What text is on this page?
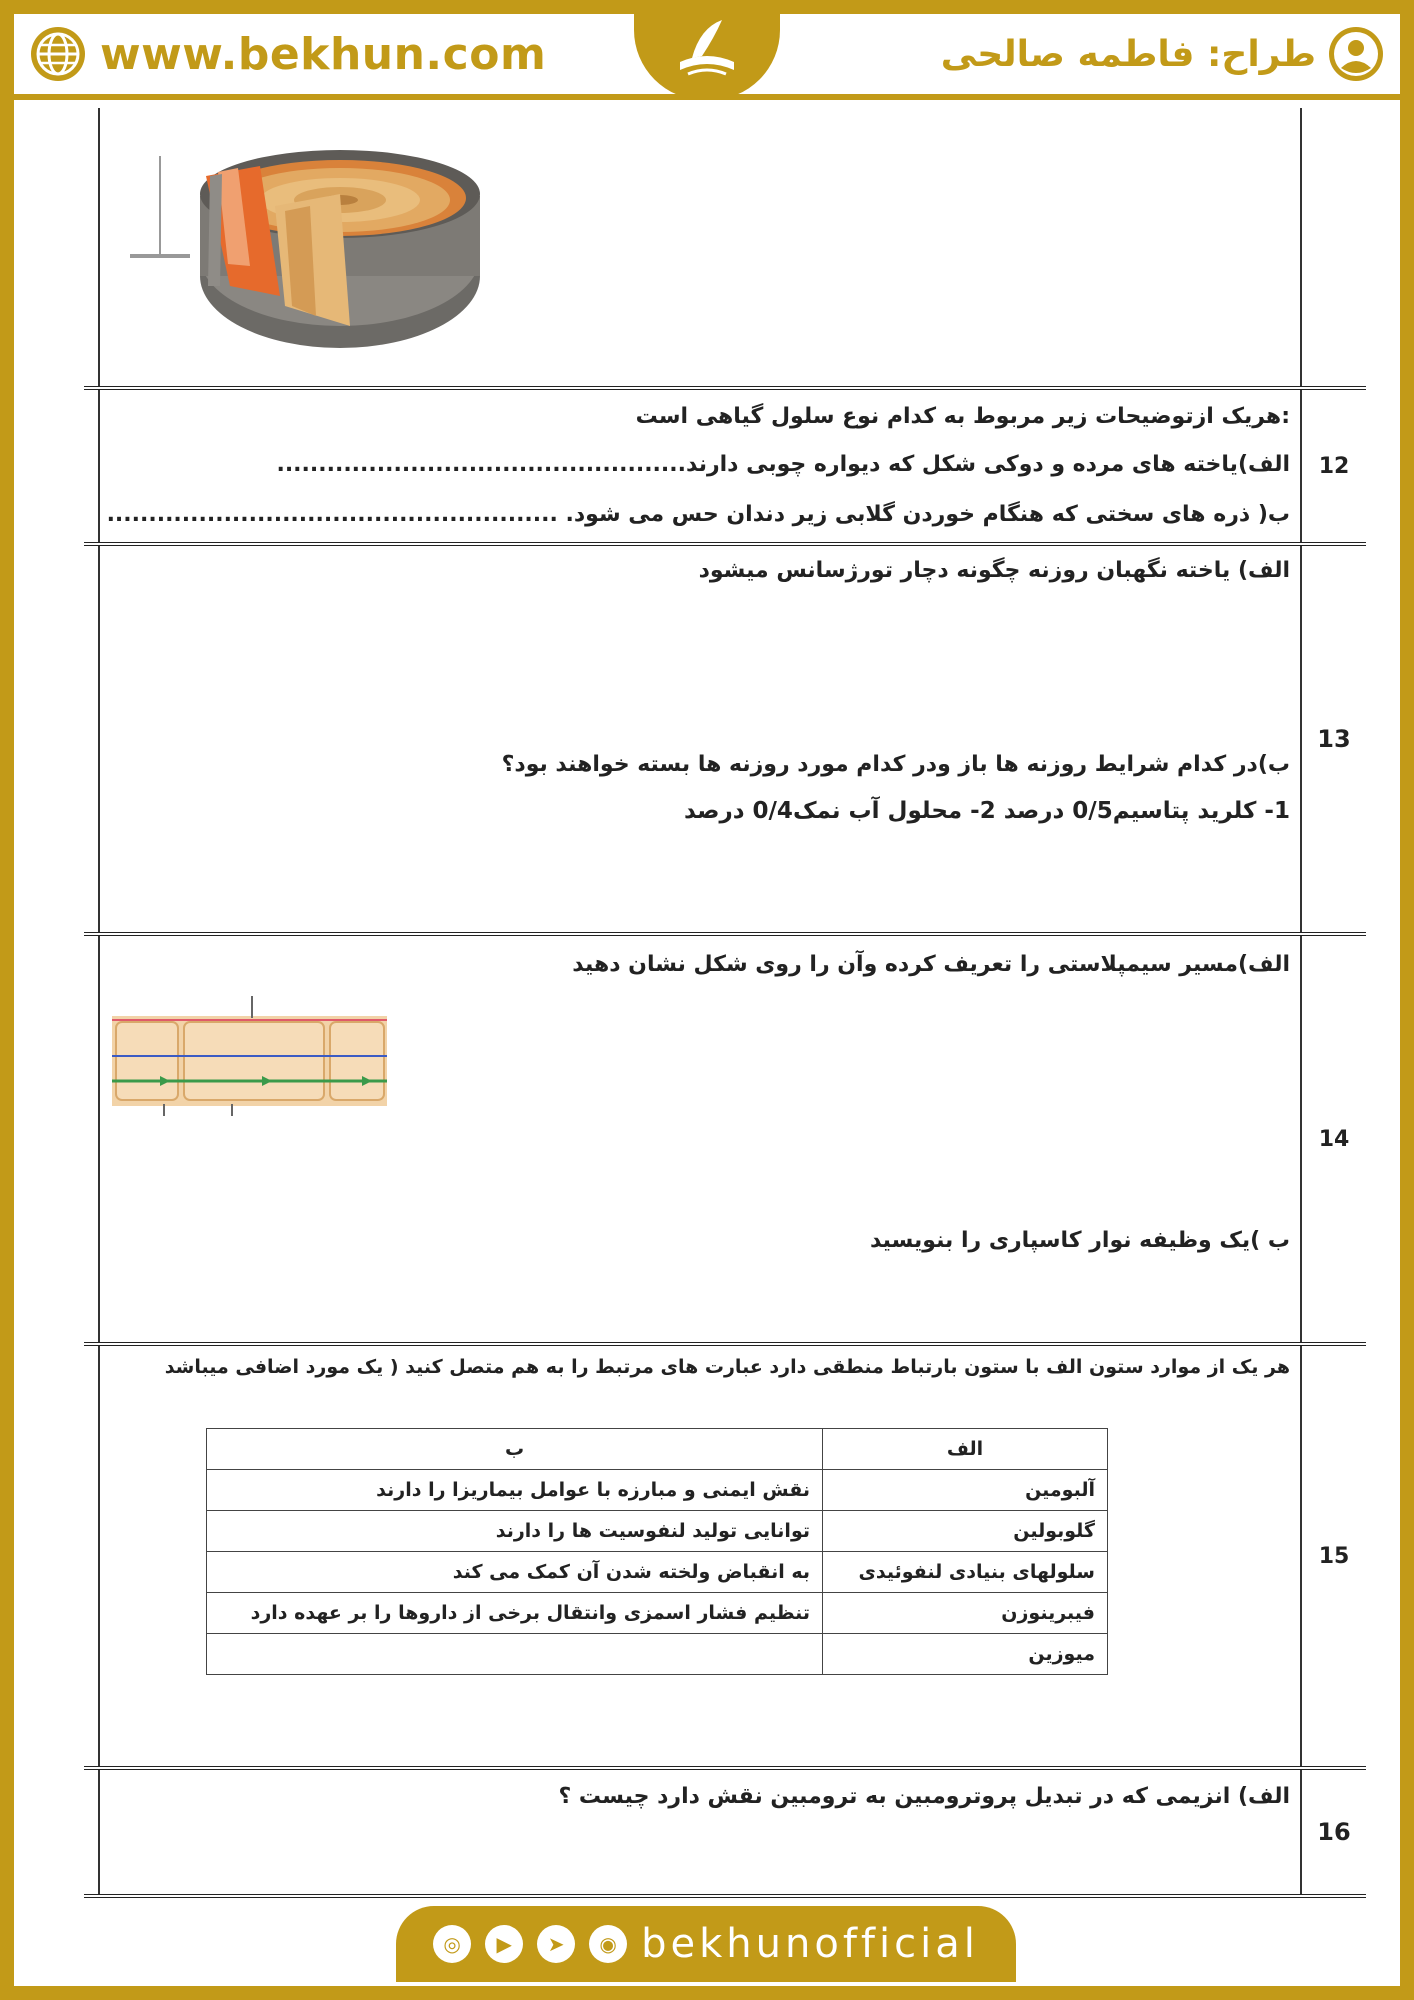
www.bekhun.com	طراح: فاطمه صالحی
:هریک ازتوضیحات زیر مربوط به کدام نوع سلول گیاهی است
الف)یاخته های مرده و دوکی شکل که دیواره چوبی دارند.................................................
ب( ذره های سختی که هنگام خوردن گلابی زیر دندان حس می شود. ......................................................
12
الف) یاخته نگهبان روزنه چگونه دچار تورژسانس میشود
ب)در کدام شرایط روزنه ها باز ودر کدام مورد روزنه ها بسته خواهند بود؟
1- کلرید پتاسیم0/5 درصد 2- محلول آب نمک0/4 درصد
13
الف)مسیر سیمپلاستی را تعریف کرده وآن را روی شکل نشان دهید
ب )یک وظیفه نوار کاسپاری را بنویسید
14
هر یک از موارد ستون الف با ستون بارتباط منطقی دارد عبارت های مرتبط را به هم متصل کنید ( یک مورد اضافی میباشد
الف	ب
آلبومین	نقش ایمنی و مبارزه با عوامل بیماریزا را دارند
گلوبولین	توانایی تولید لنفوسیت ها را دارند
سلولهای بنیادی لنفوئیدی	به انقباض ولخته شدن آن کمک می کند
فیبرینوزن	تنظیم فشار اسمزی وانتقال برخی از داروها را بر عهده دارد
میوزین	
15
الف) انزیمی که در تبدیل پروترومبین به ترومبین نقش دارد چیست ؟
16
◎	▶	➤	◉ bekhunofficial
